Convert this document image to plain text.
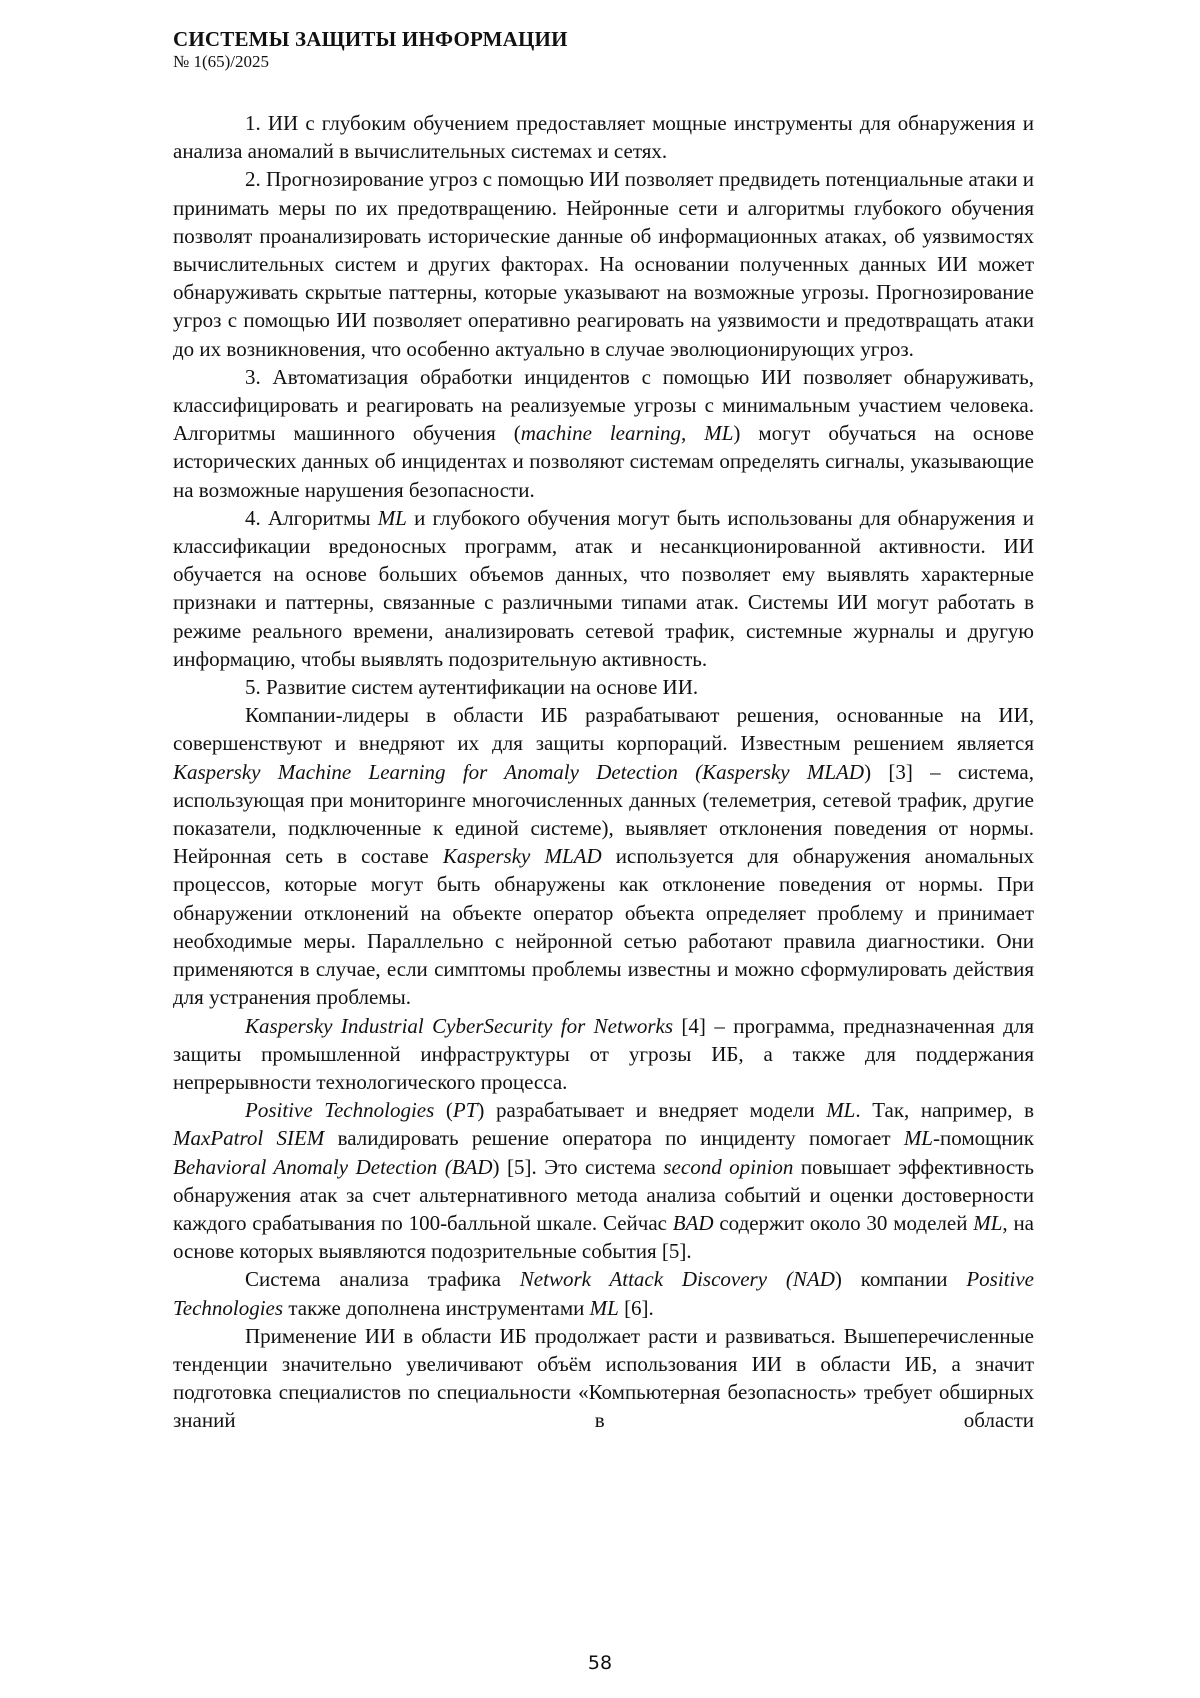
СИСТЕМЫ ЗАЩИТЫ ИНФОРМАЦИИ
№ 1(65)/2025

1. ИИ с глубоким обучением предоставляет мощные инструменты для обнаружения и анализа аномалий в вычислительных системах и сетях.

2. Прогнозирование угроз с помощью ИИ позволяет предвидеть потенциальные атаки и принимать меры по их предотвращению. Нейронные сети и алгоритмы глубокого обучения позволят проанализировать исторические данные об информационных атаках, об уязвимостях вычислительных систем и других факторах. На основании полученных данных ИИ может обнаруживать скрытые паттерны, которые указывают на возможные угрозы. Прогнозирование угроз с помощью ИИ позволяет оперативно реагировать на уязвимости и предотвращать атаки до их возникновения, что особенно актуально в случае эволюционирующих угроз.

3. Автоматизация обработки инцидентов с помощью ИИ позволяет обнаруживать, классифицировать и реагировать на реализуемые угрозы с минимальным участием человека. Алгоритмы машинного обучения (machine learning, ML) могут обучаться на основе исторических данных об инцидентах и позволяют системам определять сигналы, указывающие на возможные нарушения безопасности.

4. Алгоритмы ML и глубокого обучения могут быть использованы для обнаружения и классификации вредоносных программ, атак и несанкционированной активности. ИИ обучается на основе больших объемов данных, что позволяет ему выявлять характерные признаки и паттерны, связанные с различными типами атак. Системы ИИ могут работать в режиме реального времени, анализировать сетевой трафик, системные журналы и другую информацию, чтобы выявлять подозрительную активность.

5. Развитие систем аутентификации на основе ИИ.

Компании-лидеры в области ИБ разрабатывают решения, основанные на ИИ, совершенствуют и внедряют их для защиты корпораций. Известным решением является Kaspersky Machine Learning for Anomaly Detection (Kaspersky MLAD) [3] – система, использующая при мониторинге многочисленных данных (телеметрия, сетевой трафик, другие показатели, подключенные к единой системе), выявляет отклонения поведения от нормы. Нейронная сеть в составе Kaspersky MLAD используется для обнаружения аномальных процессов, которые могут быть обнаружены как отклонение поведения от нормы. При обнаружении отклонений на объекте оператор объекта определяет проблему и принимает необходимые меры. Параллельно с нейронной сетью работают правила диагностики. Они применяются в случае, если симптомы проблемы известны и можно сформулировать действия для устранения проблемы.

Kaspersky Industrial CyberSecurity for Networks [4] – программа, предназначенная для защиты промышленной инфраструктуры от угрозы ИБ, а также для поддержания непрерывности технологического процесса.

Positive Technologies (PT) разрабатывает и внедряет модели ML. Так, например, в MaxPatrol SIEM валидировать решение оператора по инциденту помогает ML-помощник Behavioral Anomaly Detection (BAD) [5]. Это система second opinion повышает эффективность обнаружения атак за счет альтернативного метода анализа событий и оценки достоверности каждого срабатывания по 100-балльной шкале. Сейчас BAD содержит около 30 моделей ML, на основе которых выявляются подозрительные события [5].

Система анализа трафика Network Attack Discovery (NAD) компании Positive Technologies также дополнена инструментами ML [6].

Применение ИИ в области ИБ продолжает расти и развиваться. Вышеперечисленные тенденции значительно увеличивают объём использования ИИ в области ИБ, а значит подготовка специалистов по специальности «Компьютерная безопасность» требует обширных знаний в области

58
